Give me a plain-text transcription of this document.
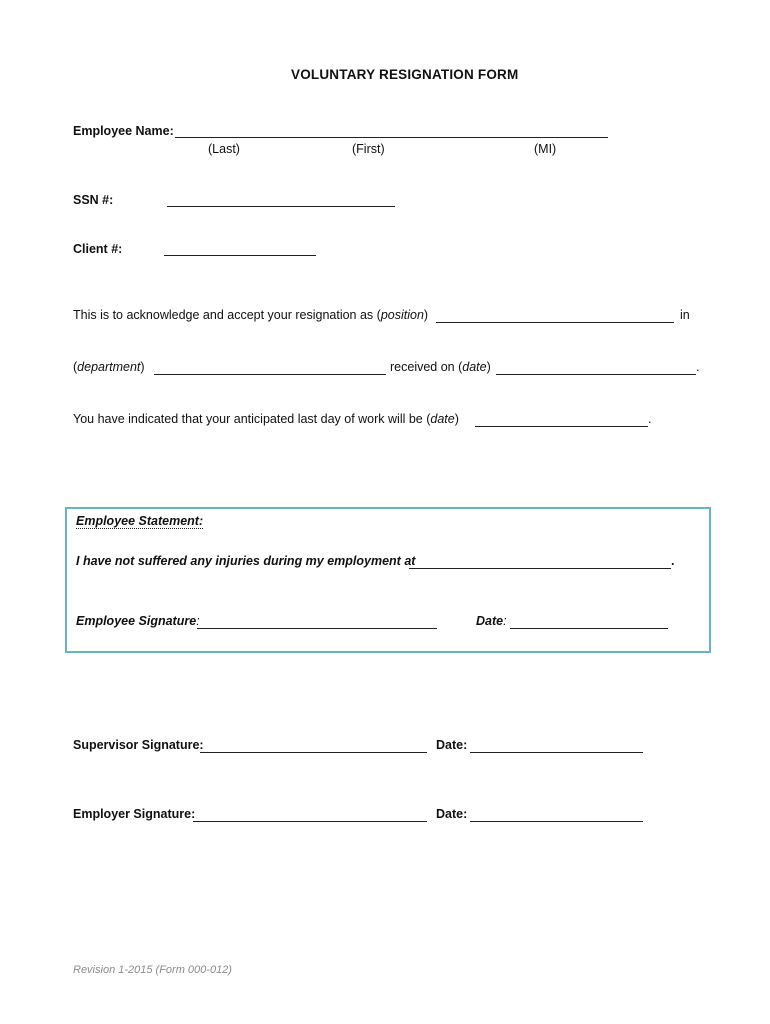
VOLUNTARY RESIGNATION FORM
Employee Name:
(Last)	(First)	(MI)
SSN #:
Client #:
This is to acknowledge and accept your resignation as (position)	in
(department)	received on (date)	.
You have indicated that your anticipated last day of work will be (date)	.
Employee Statement:
I have not suffered any injuries during my employment at	.
Employee Signature:	Date:
Supervisor Signature:	Date:
Employer Signature:	Date:
Revision 1-2015 (Form 000-012)
